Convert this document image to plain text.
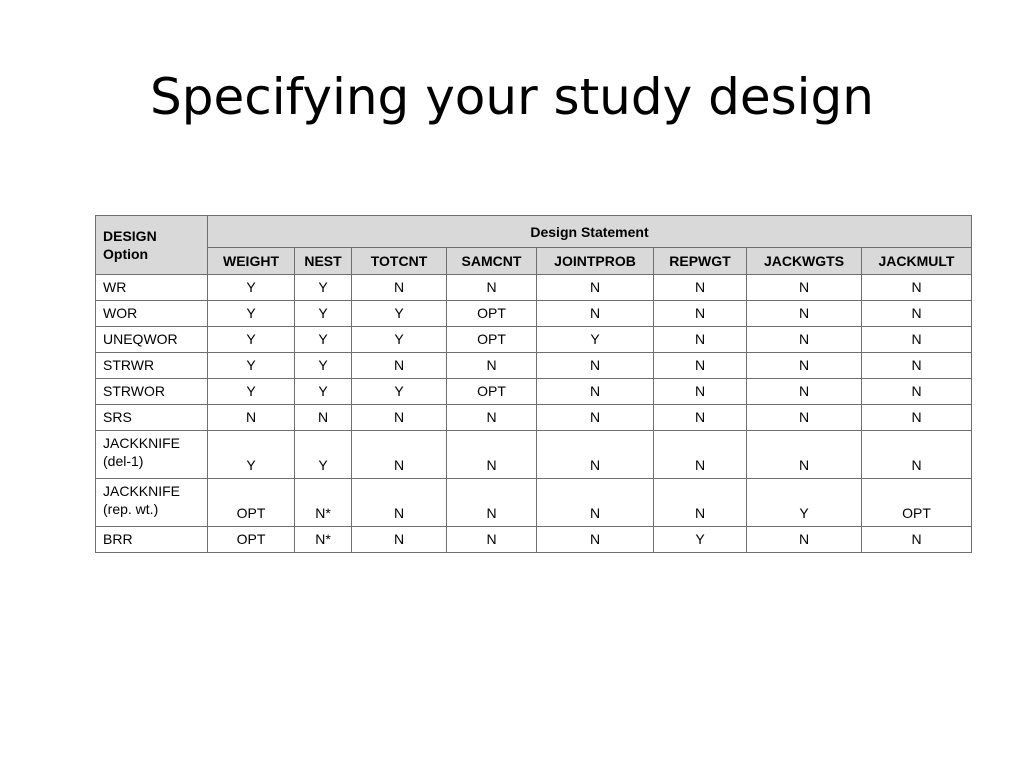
Specifying your study design
DESIGN
Option	Design Statement							
	WEIGHT	NEST	TOTCNT	SAMCNT	JOINTPROB	REPWGT	JACKWGTS	JACKMULT

WR	Y	Y	N	N	N	N	N	N

WOR	Y	Y	Y	OPT	N	N	N	N

UNEQWOR	Y	Y	Y	OPT	Y	N	N	N

STRWR	Y	Y	N	N	N	N	N	N

STRWOR	Y	Y	Y	OPT	N	N	N	N

SRS	N	N	N	N	N	N	N	N

JACKKNIFE
(del-1)	Y	Y	N	N	N	N	N	N

JACKKNIFE
(rep. wt.)	OPT	N*	N	N	N	N	Y	OPT

BRR	OPT	N*	N	N	N	Y	N	N
